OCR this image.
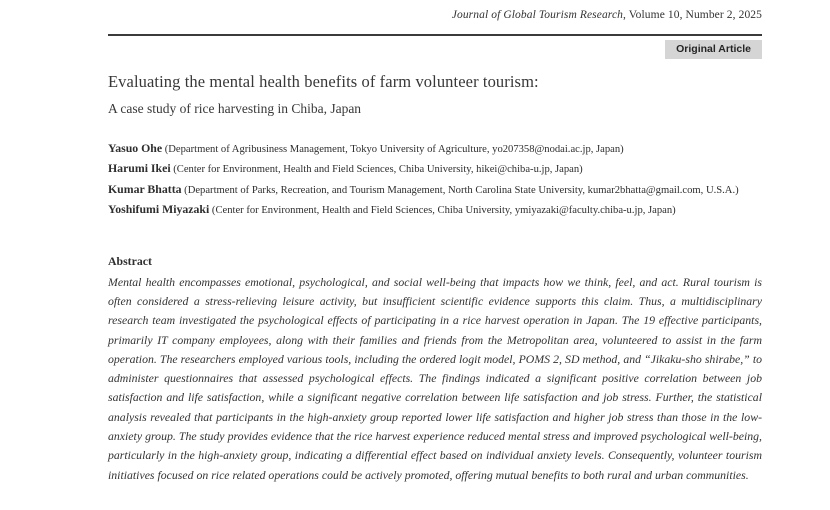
Journal of Global Tourism Research, Volume 10, Number 2, 2025
Original Article
Evaluating the mental health benefits of farm volunteer tourism:
A case study of rice harvesting in Chiba, Japan
Yasuo Ohe (Department of Agribusiness Management, Tokyo University of Agriculture, yo207358@nodai.ac.jp, Japan)
Harumi Ikei (Center for Environment, Health and Field Sciences, Chiba University, hikei@chiba-u.jp, Japan)
Kumar Bhatta (Department of Parks, Recreation, and Tourism Management, North Carolina State University, kumar2bhatta@gmail.com, U.S.A.)
Yoshifumi Miyazaki (Center for Environment, Health and Field Sciences, Chiba University, ymiyazaki@faculty.chiba-u.jp, Japan)
Abstract
Mental health encompasses emotional, psychological, and social well-being that impacts how we think, feel, and act. Rural tourism is often considered a stress-relieving leisure activity, but insufficient scientific evidence supports this claim. Thus, a multidisciplinary research team investigated the psychological effects of participating in a rice harvest operation in Japan. The 19 effective participants, primarily IT company employees, along with their families and friends from the Metropolitan area, volunteered to assist in the farm operation. The researchers employed various tools, including the ordered logit model, POMS 2, SD method, and “Jikaku-sho shirabe,” to administer questionnaires that assessed psychological effects. The findings indicated a significant positive correlation between job satisfaction and life satisfaction, while a significant negative correlation between life satisfaction and job stress. Further, the statistical analysis revealed that participants in the high-anxiety group reported lower life satisfaction and higher job stress than those in the low-anxiety group. The study provides evidence that the rice harvest experience reduced mental stress and improved psychological well-being, particularly in the high-anxiety group, indicating a differential effect based on individual anxiety levels. Consequently, volunteer tourism initiatives focused on rice related operations could be actively promoted, offering mutual benefits to both rural and urban communities.
